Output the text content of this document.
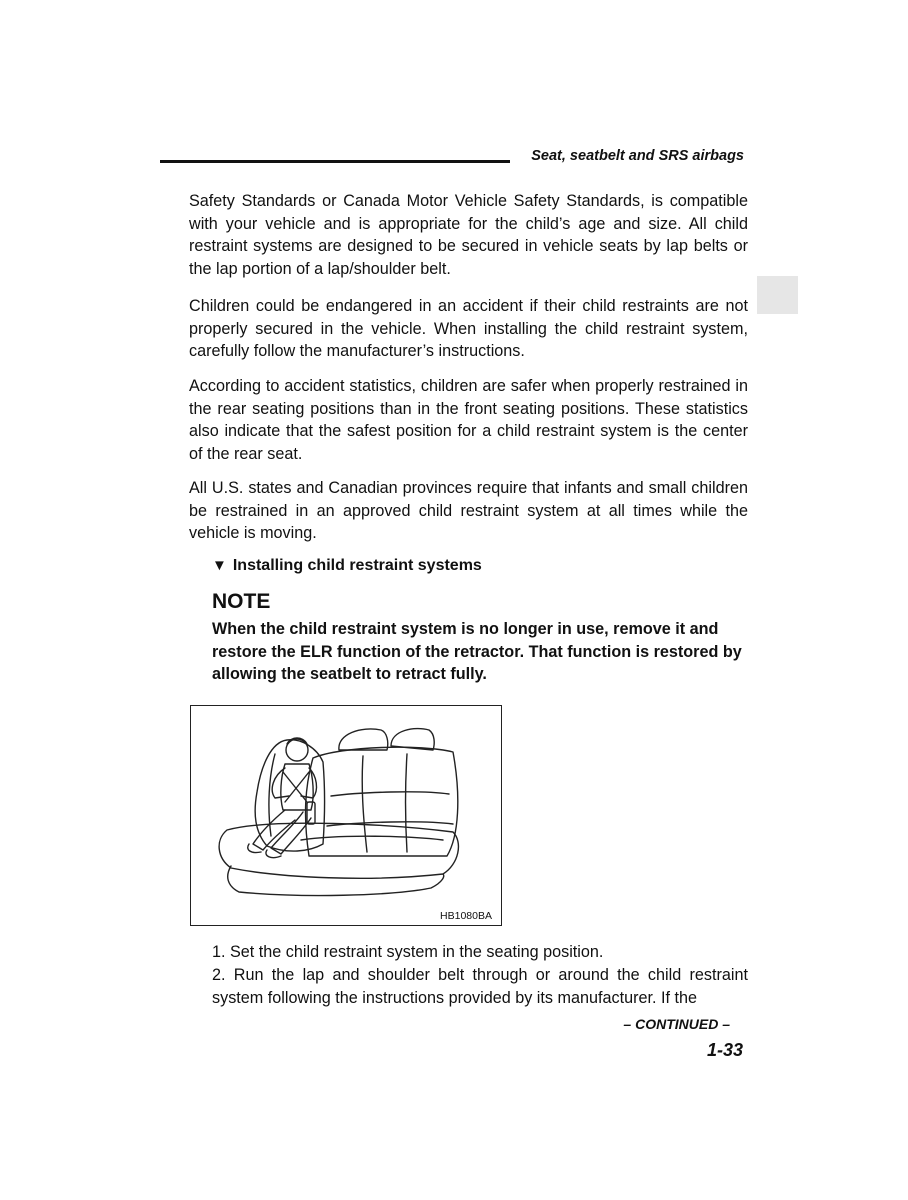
Seat, seatbelt and SRS airbags

Safety Standards or Canada Motor Vehicle Safety Standards, is compatible with your vehicle and is appropriate for the child’s age and size. All child restraint systems are designed to be secured in vehicle seats by lap belts or the lap portion of a lap/shoulder belt.

Children could be endangered in an accident if their child restraints are not properly secured in the vehicle. When installing the child restraint system, carefully follow the manufacturer’s instructions.

According to accident statistics, children are safer when properly restrained in the rear seating positions than in the front seating positions. These statistics also indicate that the safest position for a child restraint system is the center of the rear seat.

All U.S. states and Canadian provinces require that infants and small children be restrained in an approved child restraint system at all times while the vehicle is moving.

▼ Installing child restraint systems
NOTE

When the child restraint system is no longer in use, remove it and restore the ELR function of the retractor. That function is restored by allowing the seatbelt to retract fully.

HB1080BA

1. Set the child restraint system in the seating position.

2. Run the lap and shoulder belt through or around the child restraint system following the instructions provided by its manufacturer. If the

– CONTINUED –
1-33
